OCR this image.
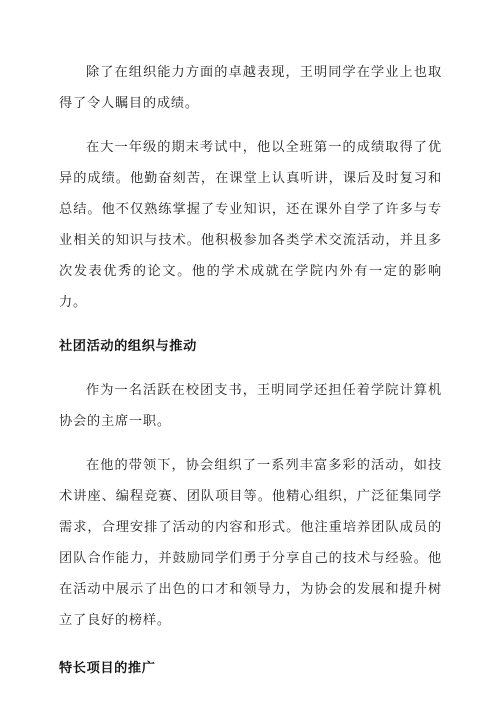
除了在组织能力方面的卓越表现，王明同学在学业上也取得了令人瞩目的成绩。

在大一年级的期末考试中，他以全班第一的成绩取得了优异的成绩。他勤奋刻苦，在课堂上认真听讲，课后及时复习和总结。他不仅熟练掌握了专业知识，还在课外自学了许多与专业相关的知识与技术。他积极参加各类学术交流活动，并且多次发表优秀的论文。他的学术成就在学院内外有一定的影响力。

社团活动的组织与推动

作为一名活跃在校团支书，王明同学还担任着学院计算机协会的主席一职。

在他的带领下，协会组织了一系列丰富多彩的活动，如技术讲座、编程竞赛、团队项目等。他精心组织，广泛征集同学需求，合理安排了活动的内容和形式。他注重培养团队成员的团队合作能力，并鼓励同学们勇于分享自己的技术与经验。他在活动中展示了出色的口才和领导力，为协会的发展和提升树立了良好的榜样。

特长项目的推广
